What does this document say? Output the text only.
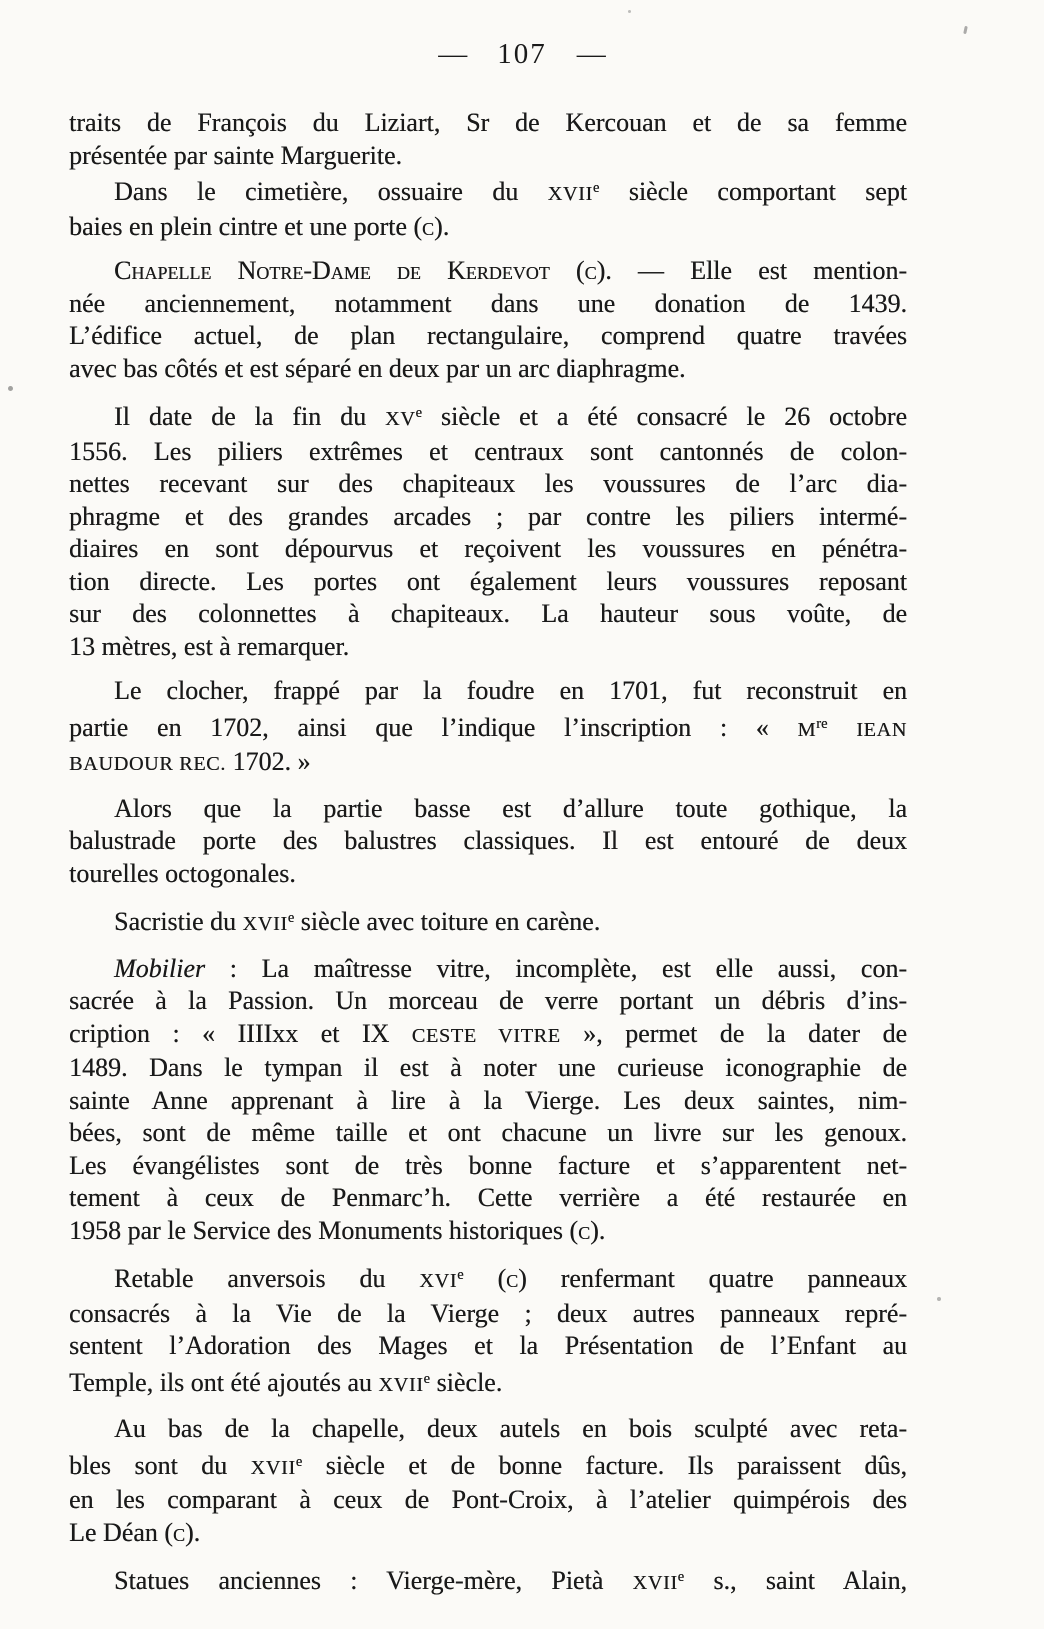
— 107 —
traits de François du Liziart, Sr de Kercouan et de sa femme
présentée par sainte Marguerite.
Dans le cimetière, ossuaire du XVIIe siècle comportant sept
baies en plein cintre et une porte (c).
Chapelle Notre-Dame de Kerdevot (c). — Elle est mention-
née anciennement, notamment dans une donation de 1439.
L’édifice actuel, de plan rectangulaire, comprend quatre travées
avec bas côtés et est séparé en deux par un arc diaphragme.
Il date de la fin du XVe siècle et a été consacré le 26 octobre
1556. Les piliers extrêmes et centraux sont cantonnés de colon-
nettes recevant sur des chapiteaux les voussures de l’arc dia-
phragme et des grandes arcades ; par contre les piliers intermé-
diaires en sont dépourvus et reçoivent les voussures en pénétra-
tion directe. Les portes ont également leurs voussures reposant
sur des colonnettes à chapiteaux. La hauteur sous voûte, de
13 mètres, est à remarquer.
Le clocher, frappé par la foudre en 1701, fut reconstruit en
partie en 1702, ainsi que l’indique l’inscription : « Mre IEAN
BAUDOUR REC. 1702. »
Alors que la partie basse est d’allure toute gothique, la
balustrade porte des balustres classiques. Il est entouré de deux
tourelles octogonales.
Sacristie du XVIIe siècle avec toiture en carène.
Mobilier : La maîtresse vitre, incomplète, est elle aussi, con-
sacrée à la Passion. Un morceau de verre portant un débris d’ins-
cription : « IIIIxx et IX CESTE VITRE », permet de la dater de
1489. Dans le tympan il est à noter une curieuse iconographie de
sainte Anne apprenant à lire à la Vierge. Les deux saintes, nim-
bées, sont de même taille et ont chacune un livre sur les genoux.
Les évangélistes sont de très bonne facture et s’apparentent net-
tement à ceux de Penmarc’h. Cette verrière a été restaurée en
1958 par le Service des Monuments historiques (c).
Retable anversois du XVIe (c) renfermant quatre panneaux
consacrés à la Vie de la Vierge ; deux autres panneaux repré-
sentent l’Adoration des Mages et la Présentation de l’Enfant au
Temple, ils ont été ajoutés au XVIIe siècle.
Au bas de la chapelle, deux autels en bois sculpté avec reta-
bles sont du XVIIe siècle et de bonne facture. Ils paraissent dûs,
en les comparant à ceux de Pont-Croix, à l’atelier quimpérois des
Le Déan (c).
Statues anciennes : Vierge-mère, Pietà XVIIe s., saint Alain,
